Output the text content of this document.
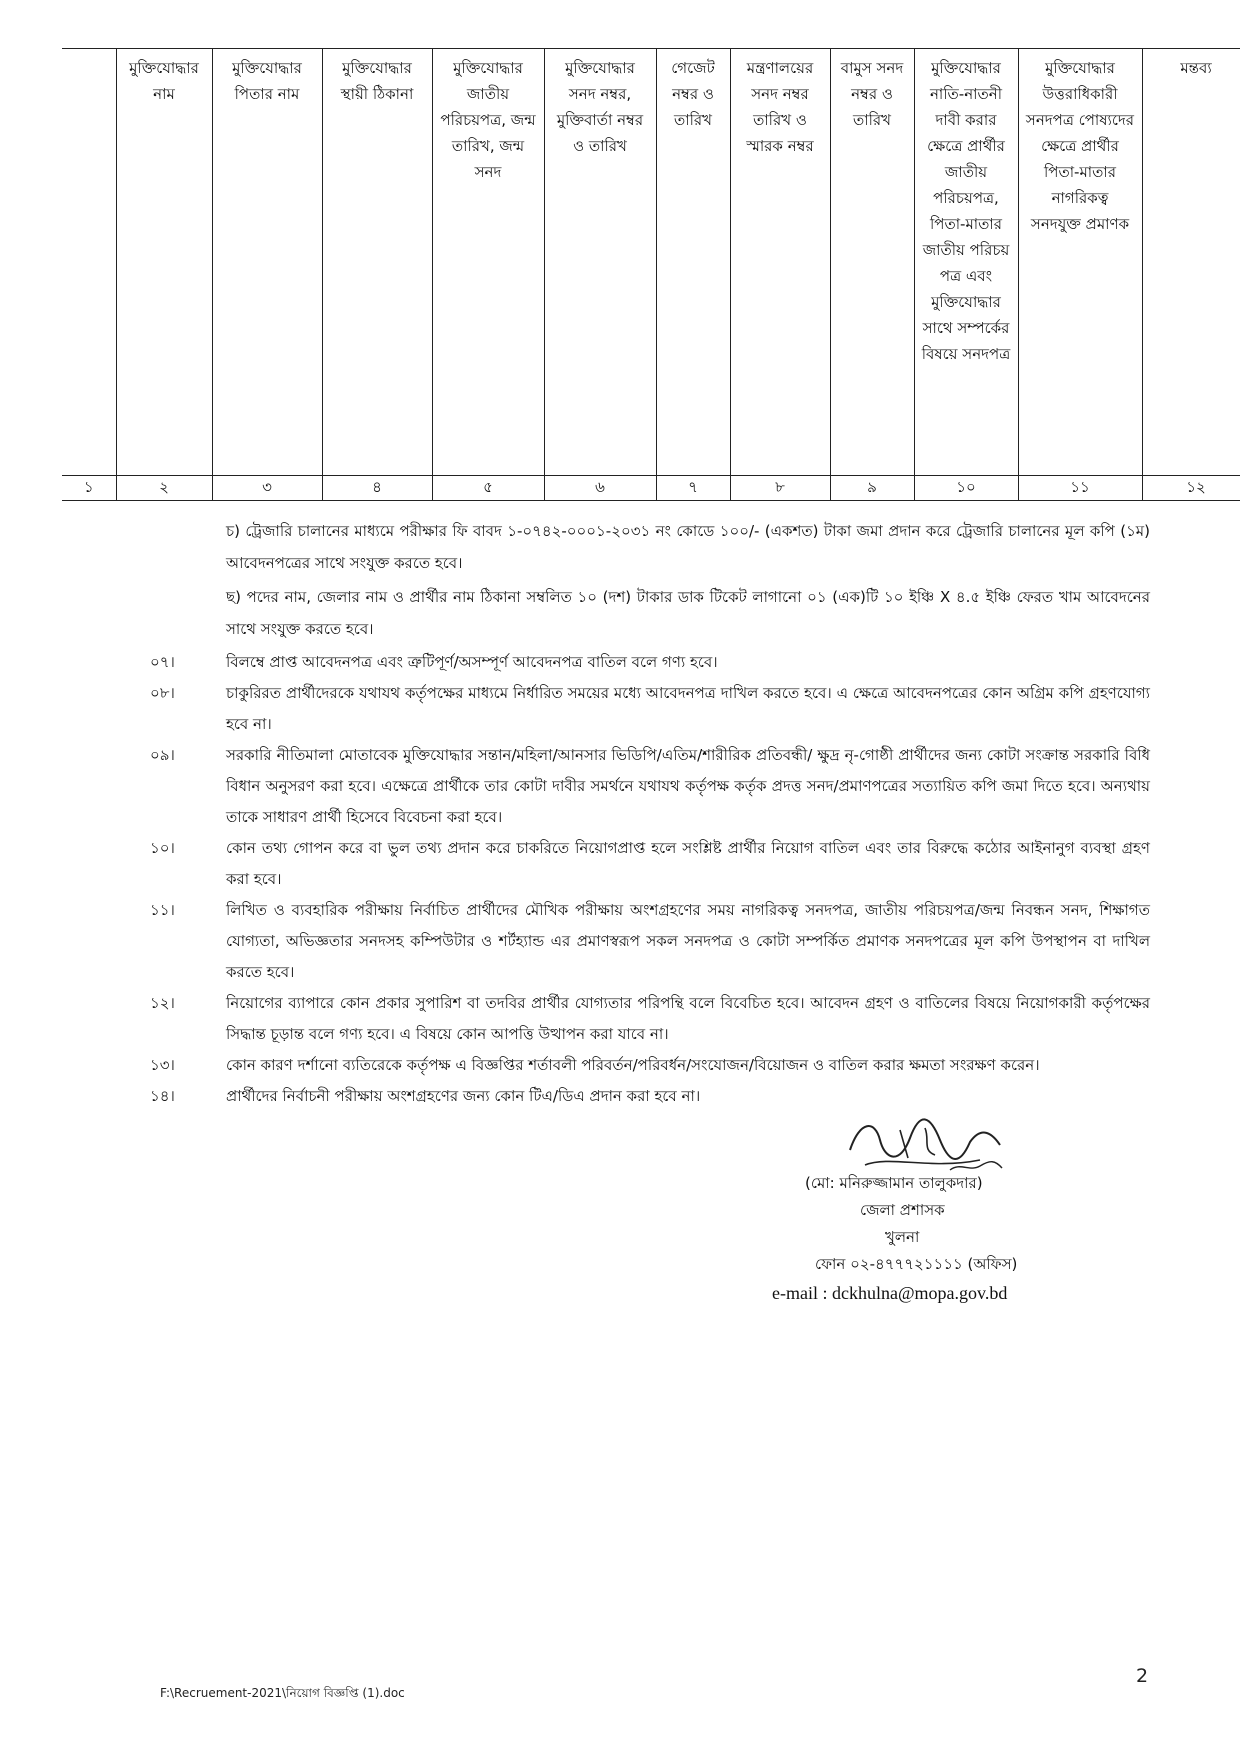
	মুক্তিযোদ্ধার নাম	মুক্তিযোদ্ধার পিতার নাম	মুক্তিযোদ্ধার স্থায়ী ঠিকানা	মুক্তিযোদ্ধার জাতীয় পরিচয়পত্র, জন্ম তারিখ, জন্ম সনদ	মুক্তিযোদ্ধার সনদ নম্বর, মুক্তিবার্তা নম্বর ও তারিখ	গেজেট নম্বর ও তারিখ	মন্ত্রণালয়ের সনদ নম্বর তারিখ ও স্মারক নম্বর	বামুস সনদ নম্বর ও তারিখ	মুক্তিযোদ্ধার নাতি-নাতনী দাবী করার ক্ষেত্রে প্রার্থীর জাতীয় পরিচয়পত্র, পিতা-মাতার জাতীয় পরিচয় পত্র এবং মুক্তিযোদ্ধার সাথে সম্পর্কের বিষয়ে সনদপত্র	মুক্তিযোদ্ধার উত্তরাধিকারী সনদপত্র পোষ্যদের ক্ষেত্রে প্রার্থীর পিতা-মাতার নাগরিকত্ব সনদযুক্ত প্রমাণক	মন্তব্য
১	২	৩	৪	৫	৬	৭	৮	৯	১০	১১	১২
চ) ট্রেজারি চালানের মাধ্যমে পরীক্ষার ফি বাবদ ১-০৭৪২-০০০১-২০৩১ নং কোডে ১০০/- (একশত) টাকা জমা প্রদান করে ট্রেজারি চালানের মূল কপি (১ম) আবেদনপত্রের সাথে সংযুক্ত করতে হবে।
ছ) পদের নাম, জেলার নাম ও প্রার্থীর নাম ঠিকানা সম্বলিত ১০ (দশ) টাকার ডাক টিকেট লাগানো ০১ (এক)টি ১০ ইঞ্চি X ৪.৫ ইঞ্চি ফেরত খাম আবেদনের সাথে সংযুক্ত করতে হবে।
০৭।	বিলম্বে প্রাপ্ত আবেদনপত্র এবং ত্রুটিপূর্ণ/অসম্পূর্ণ আবেদনপত্র বাতিল বলে গণ্য হবে।
০৮।	চাকুরিরত প্রার্থীদেরকে যথাযথ কর্তৃপক্ষের মাধ্যমে নির্ধারিত সময়ের মধ্যে আবেদনপত্র দাখিল করতে হবে। এ ক্ষেত্রে আবেদনপত্রের কোন অগ্রিম কপি গ্রহণযোগ্য হবে না।
০৯।	সরকারি নীতিমালা মোতাবেক মুক্তিযোদ্ধার সন্তান/মহিলা/আনসার ভিডিপি/এতিম/শারীরিক প্রতিবন্ধী/ ক্ষুদ্র নৃ-গোষ্ঠী প্রার্থীদের জন্য কোটা সংক্রান্ত সরকারি বিধি বিধান অনুসরণ করা হবে। এক্ষেত্রে প্রার্থীকে তার কোটা দাবীর সমর্থনে যথাযথ কর্তৃপক্ষ কর্তৃক প্রদত্ত সনদ/প্রমাণপত্রের সত্যায়িত কপি জমা দিতে হবে। অন্যথায় তাকে সাধারণ প্রার্থী হিসেবে বিবেচনা করা হবে।
১০।	কোন তথ্য গোপন করে বা ভুল তথ্য প্রদান করে চাকরিতে নিয়োগপ্রাপ্ত হলে সংশ্লিষ্ট প্রার্থীর নিয়োগ বাতিল এবং তার বিরুদ্ধে কঠোর আইনানুগ ব্যবস্থা গ্রহণ করা হবে।
১১।	লিখিত ও ব্যবহারিক পরীক্ষায় নির্বাচিত প্রার্থীদের মৌখিক পরীক্ষায় অংশগ্রহণের সময় নাগরিকত্ব সনদপত্র, জাতীয় পরিচয়পত্র/জন্ম নিবন্ধন সনদ, শিক্ষাগত যোগ্যতা, অভিজ্ঞতার সনদসহ কম্পিউটার ও শর্টহ্যান্ড এর প্রমাণস্বরূপ সকল সনদপত্র ও কোটা সম্পর্কিত প্রমাণক সনদপত্রের মূল কপি উপস্থাপন বা দাখিল করতে হবে।
১২।	নিয়োগের ব্যাপারে কোন প্রকার সুপারিশ বা তদবির প্রার্থীর যোগ্যতার পরিপন্থি বলে বিবেচিত হবে। আবেদন গ্রহণ ও বাতিলের বিষয়ে নিয়োগকারী কর্তৃপক্ষের সিদ্ধান্ত চূড়ান্ত বলে গণ্য হবে। এ বিষয়ে কোন আপত্তি উত্থাপন করা যাবে না।
১৩।	কোন কারণ দর্শানো ব্যতিরেকে কর্তৃপক্ষ এ বিজ্ঞপ্তির শর্তাবলী পরিবর্তন/পরিবর্ধন/সংযোজন/বিয়োজন ও বাতিল করার ক্ষমতা সংরক্ষণ করেন।
১৪।	প্রার্থীদের নির্বাচনী পরীক্ষায় অংশগ্রহণের জন্য কোন টিএ/ডিএ প্রদান করা হবে না।
(মো: মনিরুজ্জামান তালুকদার)
জেলা প্রশাসক
খুলনা
ফোন ০২-৪৭৭৭২১১১১ (অফিস)
e-mail : dckhulna@mopa.gov.bd
F:\Recruement-2021\নিয়োগ বিজ্ঞপ্তি (1).doc
2
